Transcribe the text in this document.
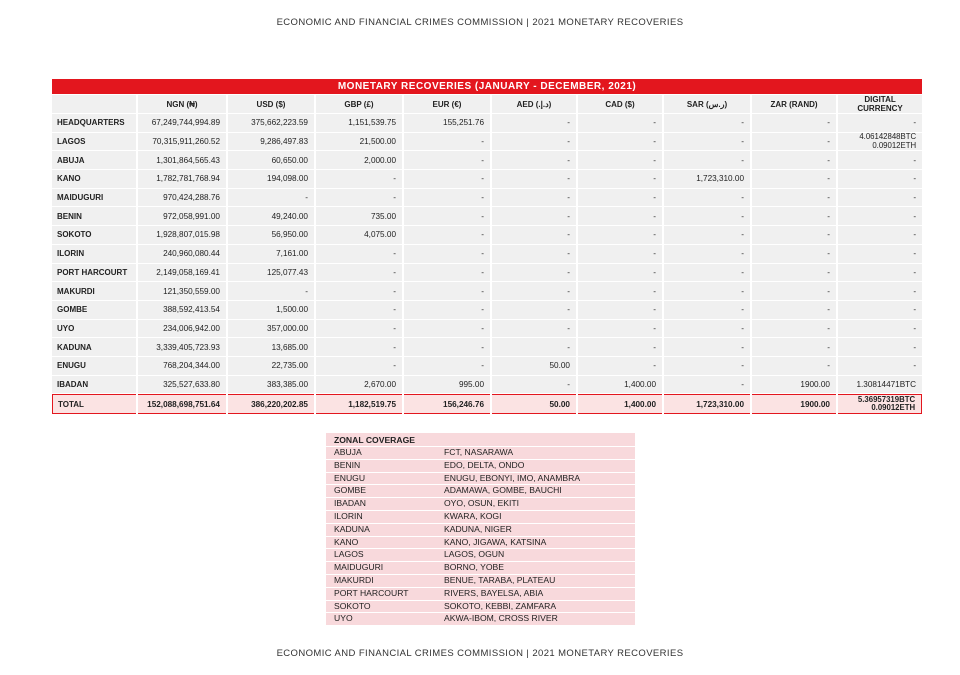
ECONOMIC AND FINANCIAL CRIMES COMMISSION | 2021 MONETARY RECOVERIES
MONETARY RECOVERIES (JANUARY - DECEMBER, 2021)									
	NGN (₦)	USD ($)	GBP (£)	EUR (€)	AED (.د.إ)	CAD ($)	SAR (ر.س)	ZAR (RAND)	DIGITAL
CURRENCY
HEADQUARTERS	67,249,744,994.89	375,662,223.59	1,151,539.75	155,251.76	-	-	-	-	-
LAGOS	70,315,911,260.52	9,286,497.83	21,500.00	-	-	-	-	-	4.06142848BTC
0.09012ETH
ABUJA	1,301,864,565.43	60,650.00	2,000.00	-	-	-	-	-	-
KANO	1,782,781,768.94	194,098.00	-	-	-	-	1,723,310.00	-	-
MAIDUGURI	970,424,288.76	-	-	-	-	-	-	-	-
BENIN	972,058,991.00	49,240.00	735.00	-	-	-	-	-	-
SOKOTO	1,928,807,015.98	56,950.00	4,075.00	-	-	-	-	-	-
ILORIN	240,960,080.44	7,161.00	-	-	-	-	-	-	-
PORT HARCOURT	2,149,058,169.41	125,077.43	-	-	-	-	-	-	-
MAKURDI	121,350,559.00	-	-	-	-	-	-	-	-
GOMBE	388,592,413.54	1,500.00	-	-	-	-	-	-	-
UYO	234,006,942.00	357,000.00	-	-	-	-	-	-	-
KADUNA	3,339,405,723.93	13,685.00	-	-	-	-	-	-	-
ENUGU	768,204,344.00	22,735.00	-	-	50.00	-	-	-	-
IBADAN	325,527,633.80	383,385.00	2,670.00	995.00	-	1,400.00	-	1900.00	1.30814471BTC
TOTAL	152,088,698,751.64	386,220,202.85	1,182,519.75	156,246.76	50.00	1,400.00	1,723,310.00	1900.00	5.36957319BTC
0.09012ETH
ZONAL COVERAGE
ABUJA	FCT, NASARAWA
BENIN	EDO, DELTA, ONDO
ENUGU	ENUGU, EBONYI, IMO, ANAMBRA
GOMBE	ADAMAWA, GOMBE, BAUCHI
IBADAN	OYO, OSUN, EKITI
ILORIN	KWARA, KOGI
KADUNA	KADUNA, NIGER
KANO	KANO, JIGAWA, KATSINA
LAGOS	LAGOS, OGUN
MAIDUGURI	BORNO, YOBE
MAKURDI	BENUE, TARABA, PLATEAU
PORT HARCOURT	RIVERS, BAYELSA, ABIA
SOKOTO	SOKOTO, KEBBI, ZAMFARA
UYO	AKWA-IBOM, CROSS RIVER
ECONOMIC AND FINANCIAL CRIMES COMMISSION | 2021 MONETARY RECOVERIES
